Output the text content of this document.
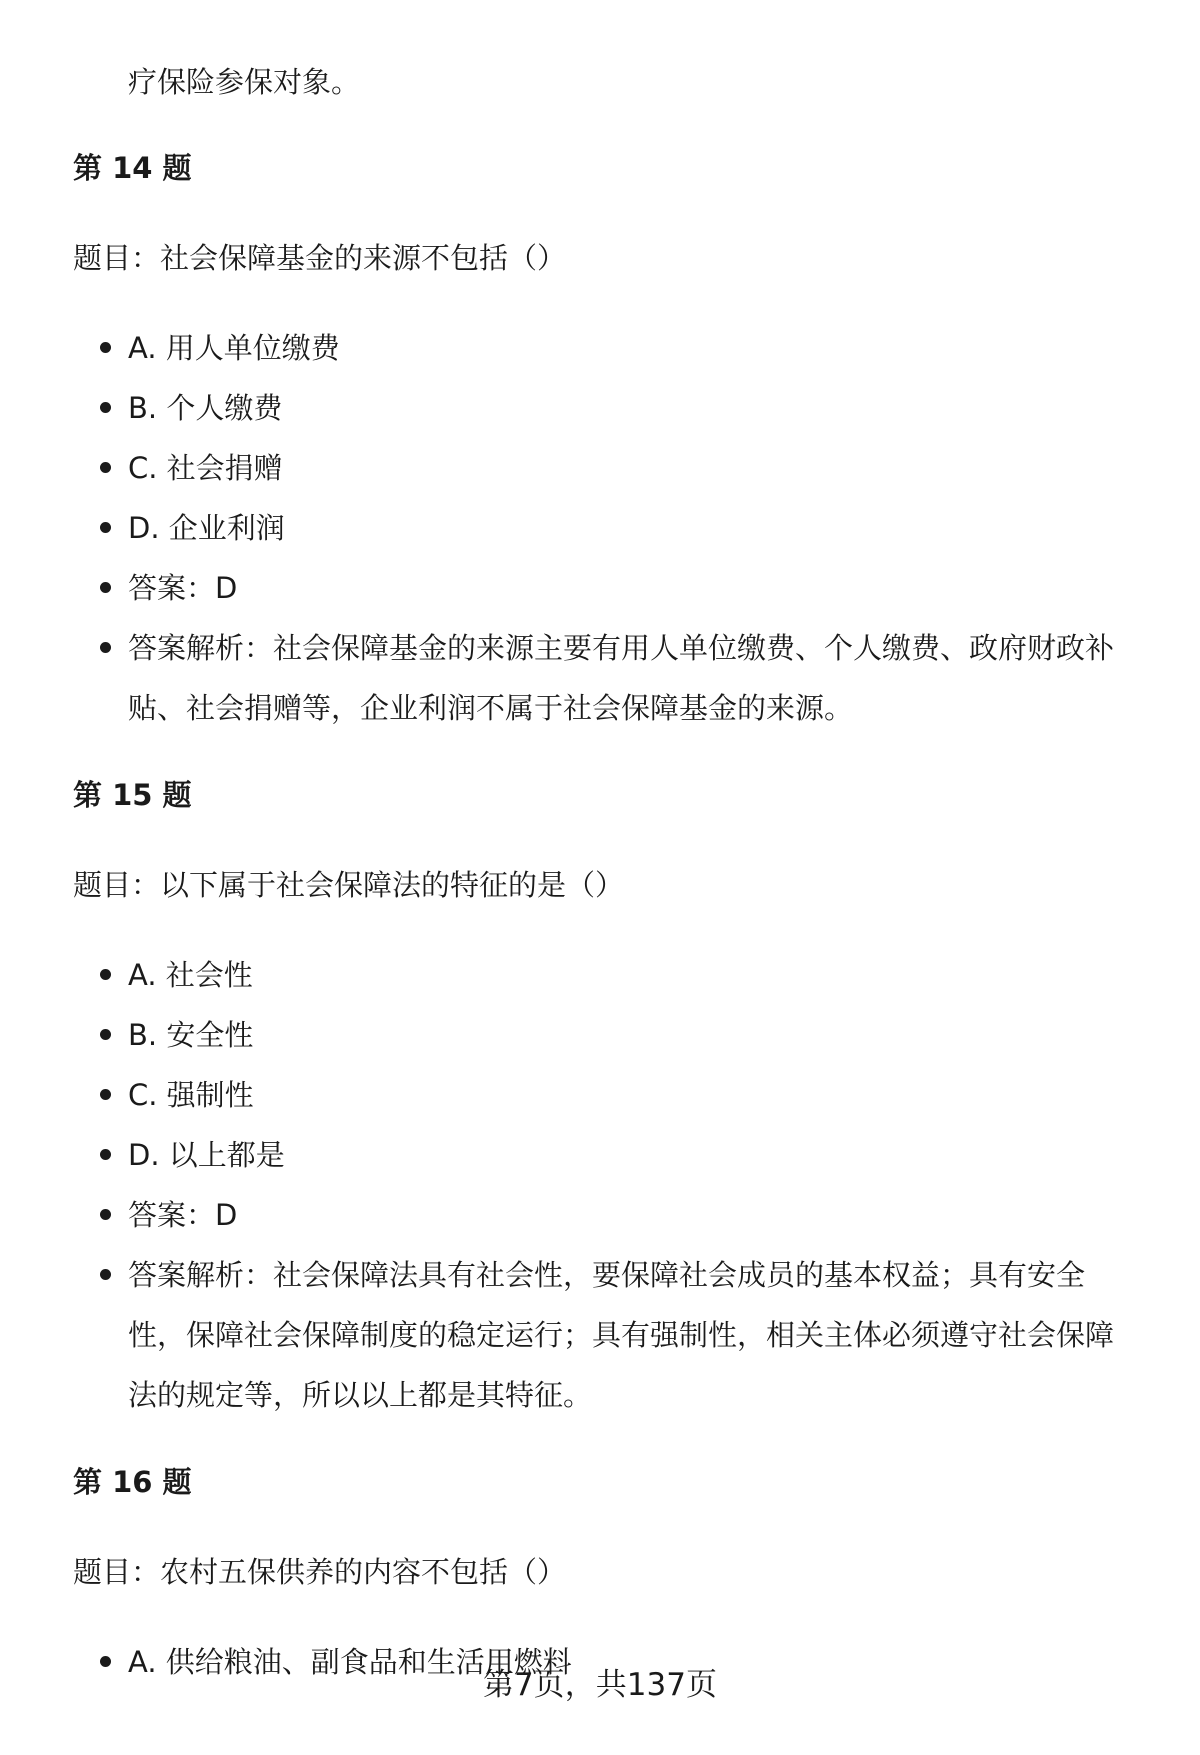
疗保险参保对象。

第 14 题

题目：社会保障基金的来源不包括（）

A. 用人单位缴费
B. 个人缴费
C. 社会捐赠
D. 企业利润
答案：D
答案解析：社会保障基金的来源主要有用人单位缴费、个人缴费、政府财政补贴、社会捐赠等，企业利润不属于社会保障基金的来源。
第 15 题

题目：以下属于社会保障法的特征的是（）

A. 社会性
B. 安全性
C. 强制性
D. 以上都是
答案：D
答案解析：社会保障法具有社会性，要保障社会成员的基本权益；具有安全性，保障社会保障制度的稳定运行；具有强制性，相关主体必须遵守社会保障法的规定等，所以以上都是其特征。
第 16 题

题目：农村五保供养的内容不包括（）

A. 供给粮油、副食品和生活用燃料
第7页，共137页
